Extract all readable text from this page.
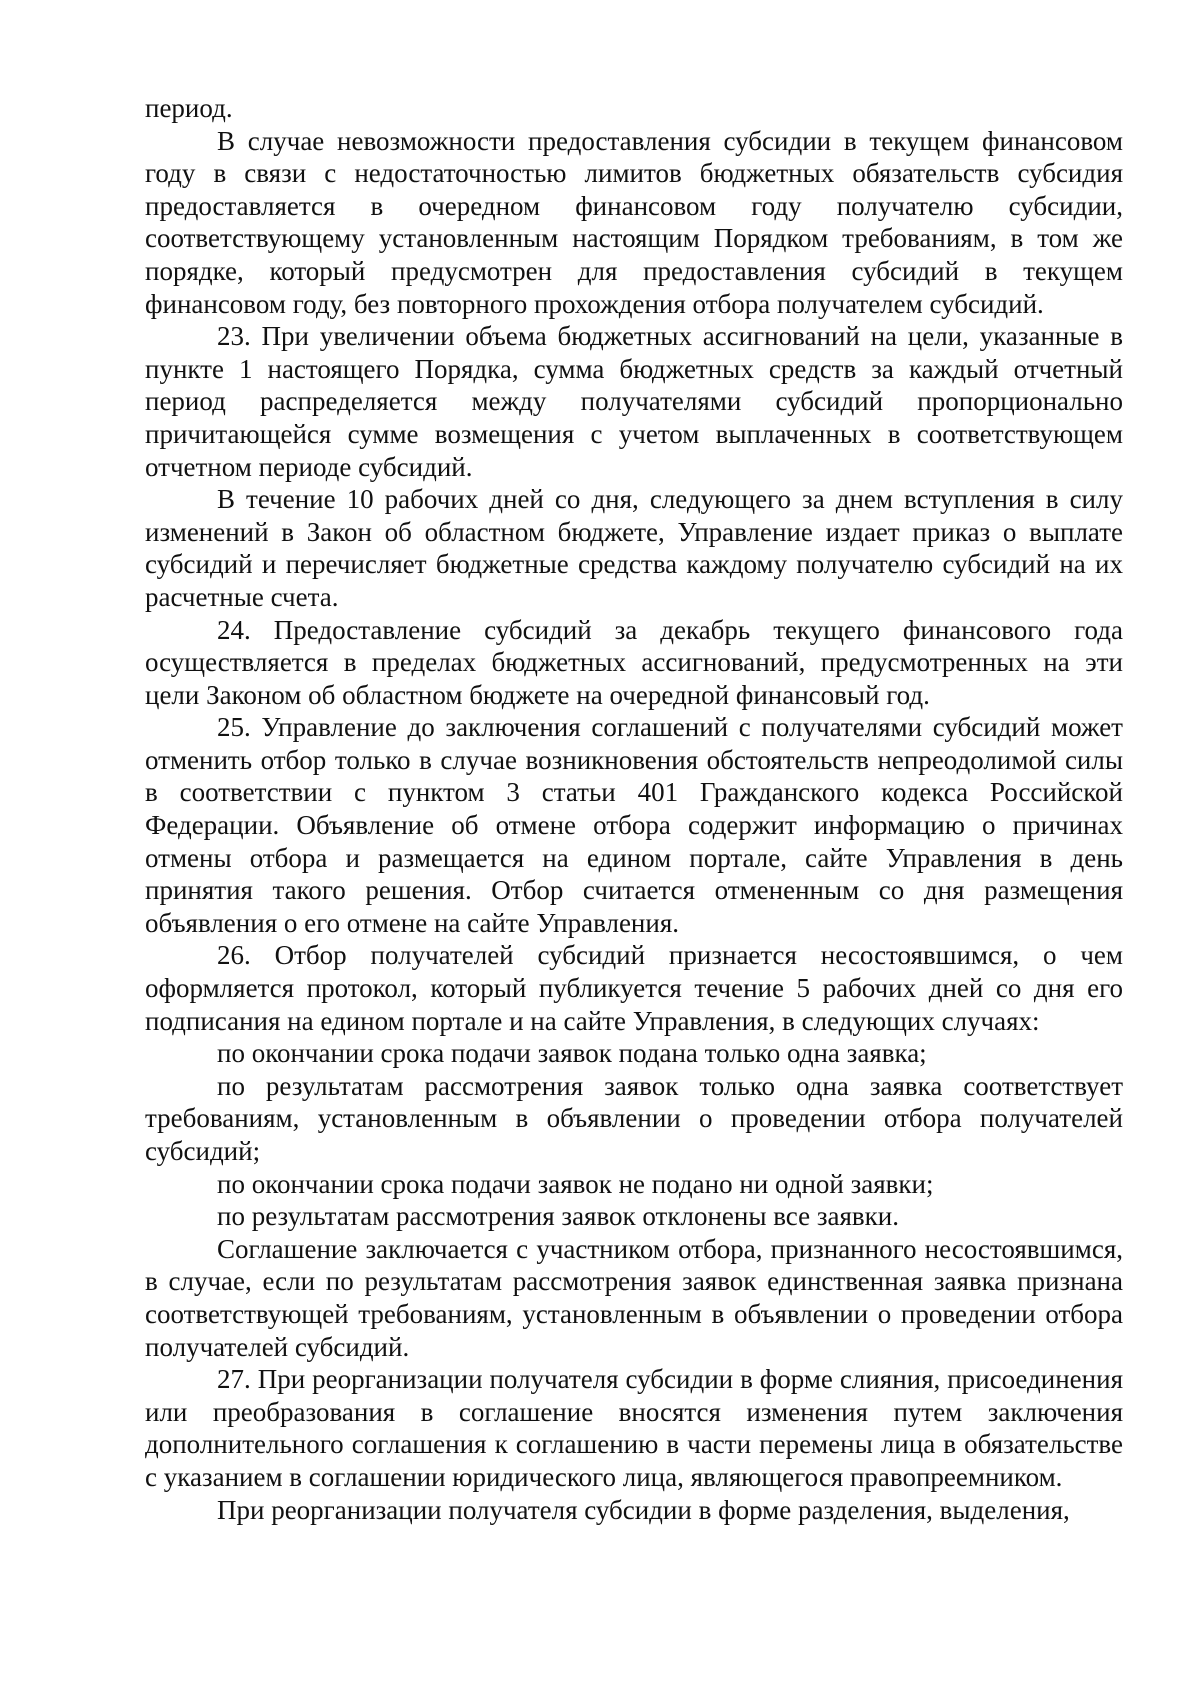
период.

В случае невозможности предоставления субсидии в текущем финансовом году в связи с недостаточностью лимитов бюджетных обязательств субсидия предоставляется в очередном финансовом году получателю субсидии, соответствующему установленным настоящим Порядком требованиям, в том же порядке, который предусмотрен для предоставления субсидий в текущем финансовом году, без повторного прохождения отбора получателем субсидий.

23. При увеличении объема бюджетных ассигнований на цели, указанные в пункте 1 настоящего Порядка, сумма бюджетных средств за каждый отчетный период распределяется между получателями субсидий пропорционально причитающейся сумме возмещения с учетом выплаченных в соответствующем отчетном периоде субсидий.

В течение 10 рабочих дней со дня, следующего за днем вступления в силу изменений в Закон об областном бюджете, Управление издает приказ о выплате субсидий и перечисляет бюджетные средства каждому получателю субсидий на их расчетные счета.

24. Предоставление субсидий за декабрь текущего финансового года осуществляется в пределах бюджетных ассигнований, предусмотренных на эти цели Законом об областном бюджете на очередной финансовый год.

25. Управление до заключения соглашений с получателями субсидий может отменить отбор только в случае возникновения обстоятельств непреодолимой силы в соответствии с пунктом 3 статьи 401 Гражданского кодекса Российской Федерации. Объявление об отмене отбора содержит информацию о причинах отмены отбора и размещается на едином портале, сайте Управления в день принятия такого решения. Отбор считается отмененным со дня размещения объявления о его отмене на сайте Управления.

26. Отбор получателей субсидий признается несостоявшимся, о чем оформляется протокол, который публикуется течение 5 рабочих дней со дня его подписания на едином портале и на сайте Управления, в следующих случаях:

по окончании срока подачи заявок подана только одна заявка;

по результатам рассмотрения заявок только одна заявка соответствует требованиям, установленным в объявлении о проведении отбора получателей субсидий;

по окончании срока подачи заявок не подано ни одной заявки;

по результатам рассмотрения заявок отклонены все заявки.

Соглашение заключается с участником отбора, признанного несостоявшимся, в случае, если по результатам рассмотрения заявок единственная заявка признана соответствующей требованиям, установленным в объявлении о проведении отбора получателей субсидий.

27. При реорганизации получателя субсидии в форме слияния, присоединения или преобразования в соглашение вносятся изменения путем заключения дополнительного соглашения к соглашению в части перемены лица в обязательстве с указанием в соглашении юридического лица, являющегося правопреемником.

При реорганизации получателя субсидии в форме разделения, выделения,
